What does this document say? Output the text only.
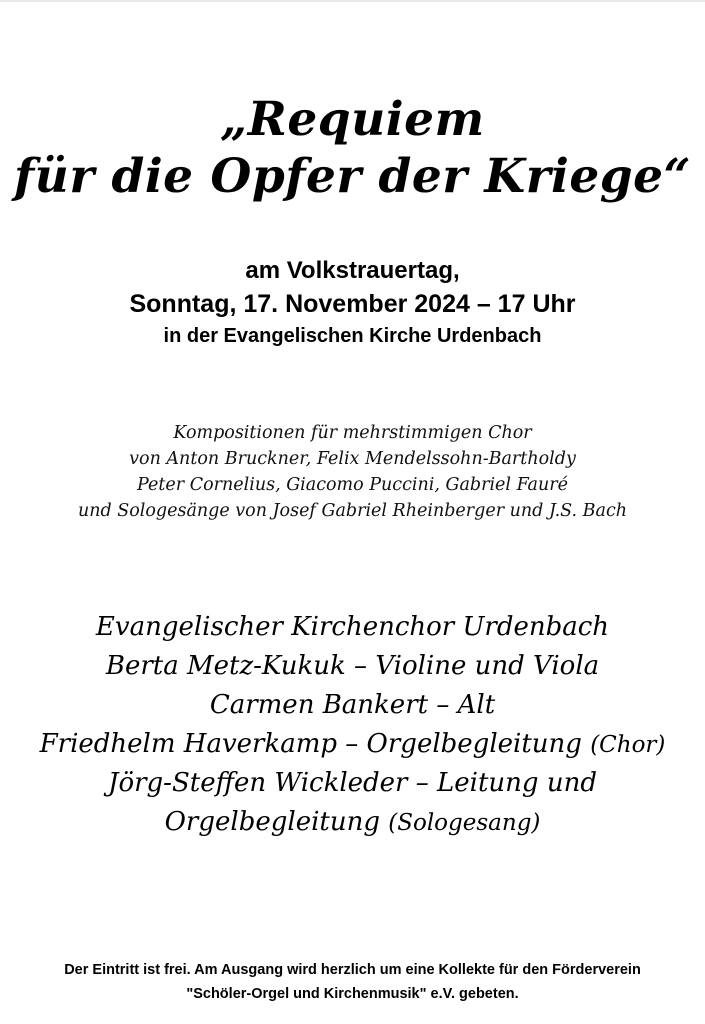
„Requiem
für die Opfer der Kriege“
am Volkstrauertag,
Sonntag, 17. November 2024 – 17 Uhr
in der Evangelischen Kirche Urdenbach
Kompositionen für mehrstimmigen Chor
von Anton Bruckner, Felix Mendelssohn-Bartholdy
Peter Cornelius, Giacomo Puccini, Gabriel Fauré
und Sologesänge von Josef Gabriel Rheinberger und J.S. Bach
Evangelischer Kirchenchor Urdenbach
Berta Metz-Kukuk – Violine und Viola
Carmen Bankert – Alt
Friedhelm Haverkamp – Orgelbegleitung (Chor)
Jörg-Steffen Wickleder – Leitung und
Orgelbegleitung (Sologesang)
Der Eintritt ist frei. Am Ausgang wird herzlich um eine Kollekte für den Förderverein
"Schöler-Orgel und Kirchenmusik" e.V. gebeten.
